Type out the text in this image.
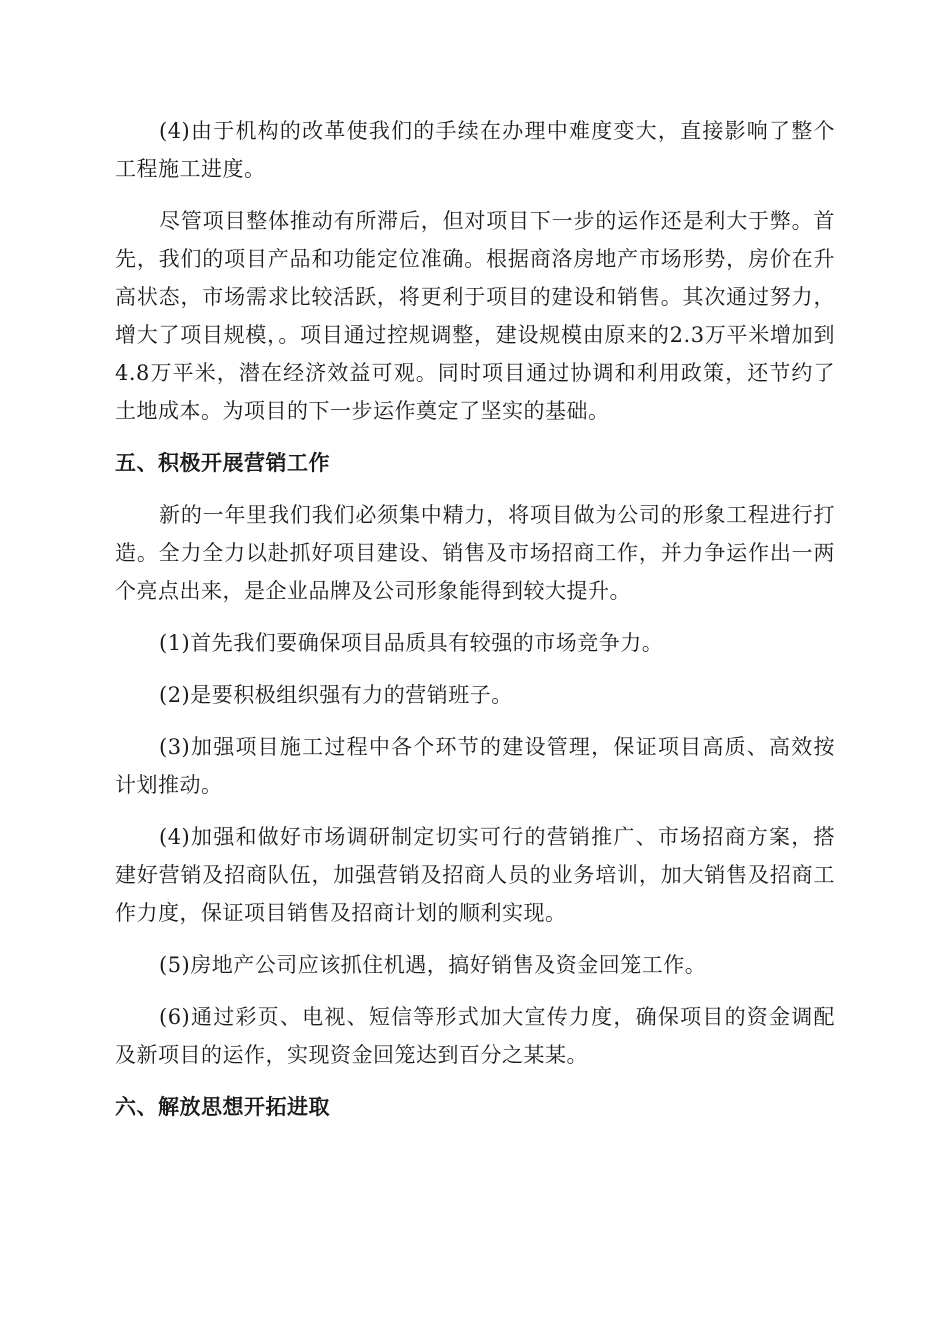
(4)由于机构的改革使我们的手续在办理中难度变大，直接影响了整个工程施工进度。

尽管项目整体推动有所滞后，但对项目下一步的运作还是利大于弊。首先，我们的项目产品和功能定位准确。根据商洛房地产市场形势，房价在升高状态，市场需求比较活跃，将更利于项目的建设和销售。其次通过努力，增大了项目规模，。项目通过控规调整，建设规模由原来的2.3万平米增加到4.8万平米，潜在经济效益可观。同时项目通过协调和利用政策，还节约了土地成本。为项目的下一步运作奠定了坚实的基础。

五、积极开展营销工作

新的一年里我们我们必须集中精力，将项目做为公司的形象工程进行打造。全力全力以赴抓好项目建设、销售及市场招商工作，并力争运作出一两个亮点出来，是企业品牌及公司形象能得到较大提升。

(1)首先我们要确保项目品质具有较强的市场竞争力。

(2)是要积极组织强有力的营销班子。

(3)加强项目施工过程中各个环节的建设管理，保证项目高质、高效按计划推动。

(4)加强和做好市场调研制定切实可行的营销推广、市场招商方案，搭建好营销及招商队伍，加强营销及招商人员的业务培训，加大销售及招商工作力度，保证项目销售及招商计划的顺利实现。

(5)房地产公司应该抓住机遇，搞好销售及资金回笼工作。

(6)通过彩页、电视、短信等形式加大宣传力度，确保项目的资金调配及新项目的运作，实现资金回笼达到百分之某某。

六、解放思想开拓进取
